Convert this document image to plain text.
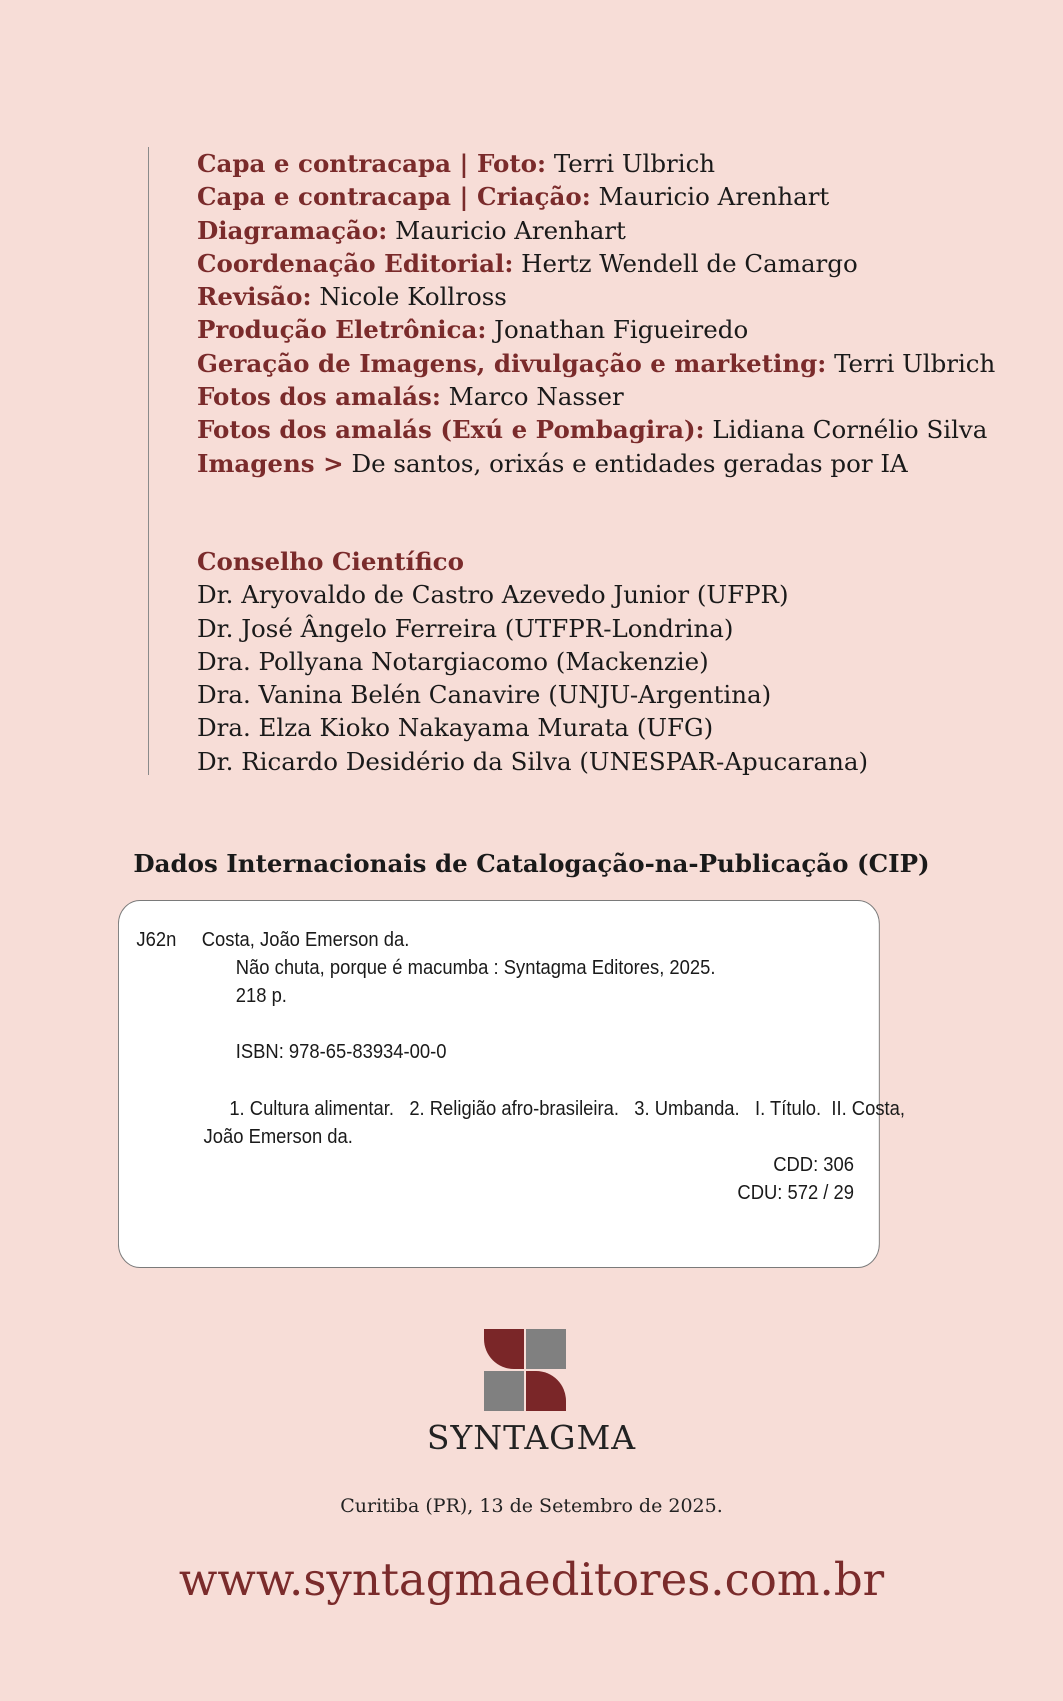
Capa e contracapa | Foto: Terri Ulbrich
Capa e contracapa | Criação: Mauricio Arenhart
Diagramação: Mauricio Arenhart
Coordenação Editorial: Hertz Wendell de Camargo
Revisão: Nicole Kollross
Produção Eletrônica: Jonathan Figueiredo
Geração de Imagens, divulgação e marketing: Terri Ulbrich
Fotos dos amalás: Marco Nasser
Fotos dos amalás (Exú e Pombagira): Lidiana Cornélio Silva
Imagens > De santos, orixás e entidades geradas por IA
Conselho Científico
Dr. Aryovaldo de Castro Azevedo Junior (UFPR)
Dr. José Ângelo Ferreira (UTFPR-Londrina)
Dra. Pollyana Notargiacomo (Mackenzie)
Dra. Vanina Belén Canavire (UNJU-Argentina)
Dra. Elza Kioko Nakayama Murata (UFG)
Dr. Ricardo Desidério da Silva (UNESPAR-Apucarana)
Dados Internacionais de Catalogação-na-Publicação (CIP)
J62n Costa, João Emerson da.
Não chuta, porque é macumba : Syntagma Editores, 2025.
218 p.
ISBN: 978-65-83934-00-0
1. Cultura alimentar.   2. Religião afro-brasileira.   3. Umbanda.   I. Título.  II. Costa,
João Emerson da.
CDD: 306
CDU: 572 / 29
SYNTAGMA
Curitiba (PR), 13 de Setembro de 2025.
www.syntagmaeditores.com.br
